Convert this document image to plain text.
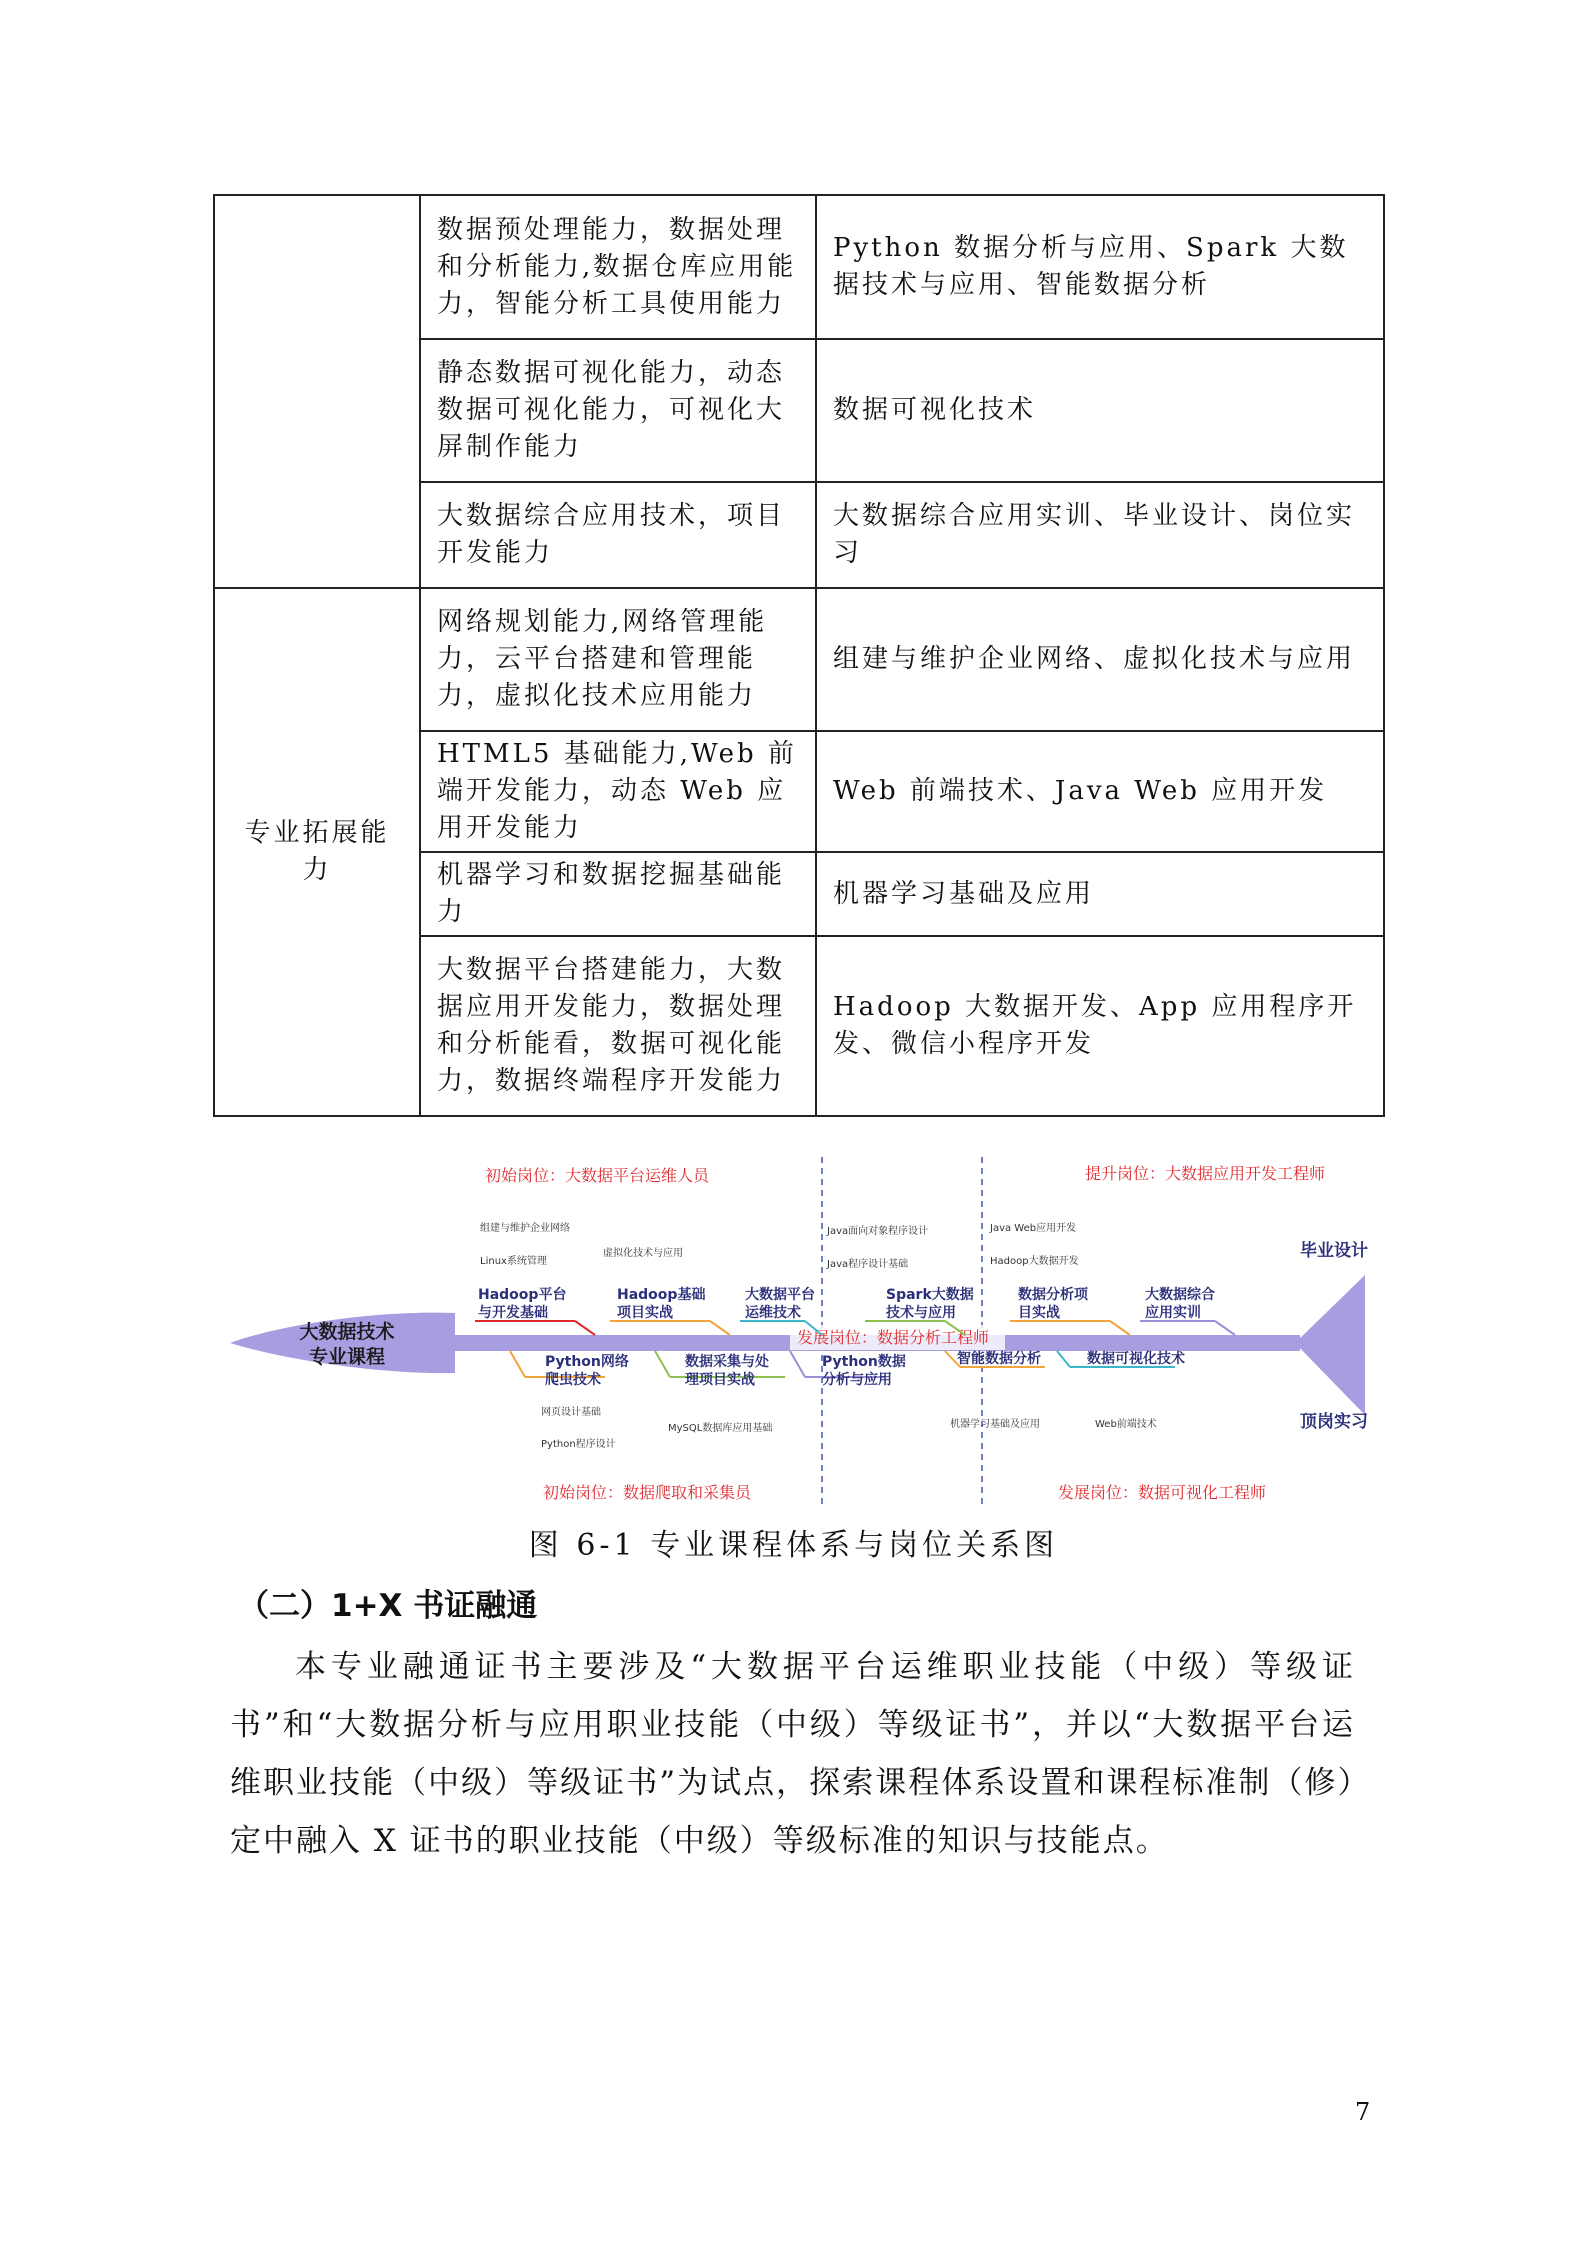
	数据预处理能力，数据处理和分析能力,数据仓库应用能力，智能分析工具使用能力	Python 数据分析与应用、Spark 大数据技术与应用、智能数据分析
	静态数据可视化能力，动态数据可视化能力，可视化大屏制作能力	数据可视化技术
	大数据综合应用技术，项目开发能力	大数据综合应用实训、毕业设计、岗位实习
专业拓展能力	网络规划能力,网络管理能力，云平台搭建和管理能力，虚拟化技术应用能力	组建与维护企业网络、虚拟化技术与应用
	HTML5 基础能力,Web 前端开发能力，动态 Web 应用开发能力	Web 前端技术、Java Web 应用开发
	机器学习和数据挖掘基础能力	机器学习基础及应用
	大数据平台搭建能力，大数据应用开发能力，数据处理和分析能看，数据可视化能力，数据终端程序开发能力	Hadoop 大数据开发、App 应用程序开发、微信小程序开发
大数据技术
专业课程
毕业设计
顶岗实习
初始岗位：大数据平台运维人员	提升岗位：大数据应用开发工程师
发展岗位：数据分析工程师
初始岗位：数据爬取和采集员	发展岗位：数据可视化工程师
Hadoop平台
与开发基础
Hadoop基础
项目实战
大数据平台
运维技术
Spark大数据
技术与应用
数据分析项
目实战
大数据综合
应用实训
Python网络
爬虫技术
数据采集与处
理项目实战
Python数据
分析与应用
智能数据分析	数据可视化技术
组建与维护企业网络
虚拟化技术与应用
Linux系统管理
Java面向对象程序设计
Java程序设计基础
Java Web应用开发
Hadoop大数据开发
网页设计基础
Python程序设计
MySQL数据库应用基础	机器学习基础及应用	Web前端技术
图 6-1 专业课程体系与岗位关系图
（二）1+X 书证融通
本专业融通证书主要涉及“大数据平台运维职业技能（中级）等级证书”和“大数据分析与应用职业技能（中级）等级证书”，并以“大数据平台运维职业技能（中级）等级证书”为试点，探索课程体系设置和课程标准制（修）定中融入 X 证书的职业技能（中级）等级标准的知识与技能点。
7
